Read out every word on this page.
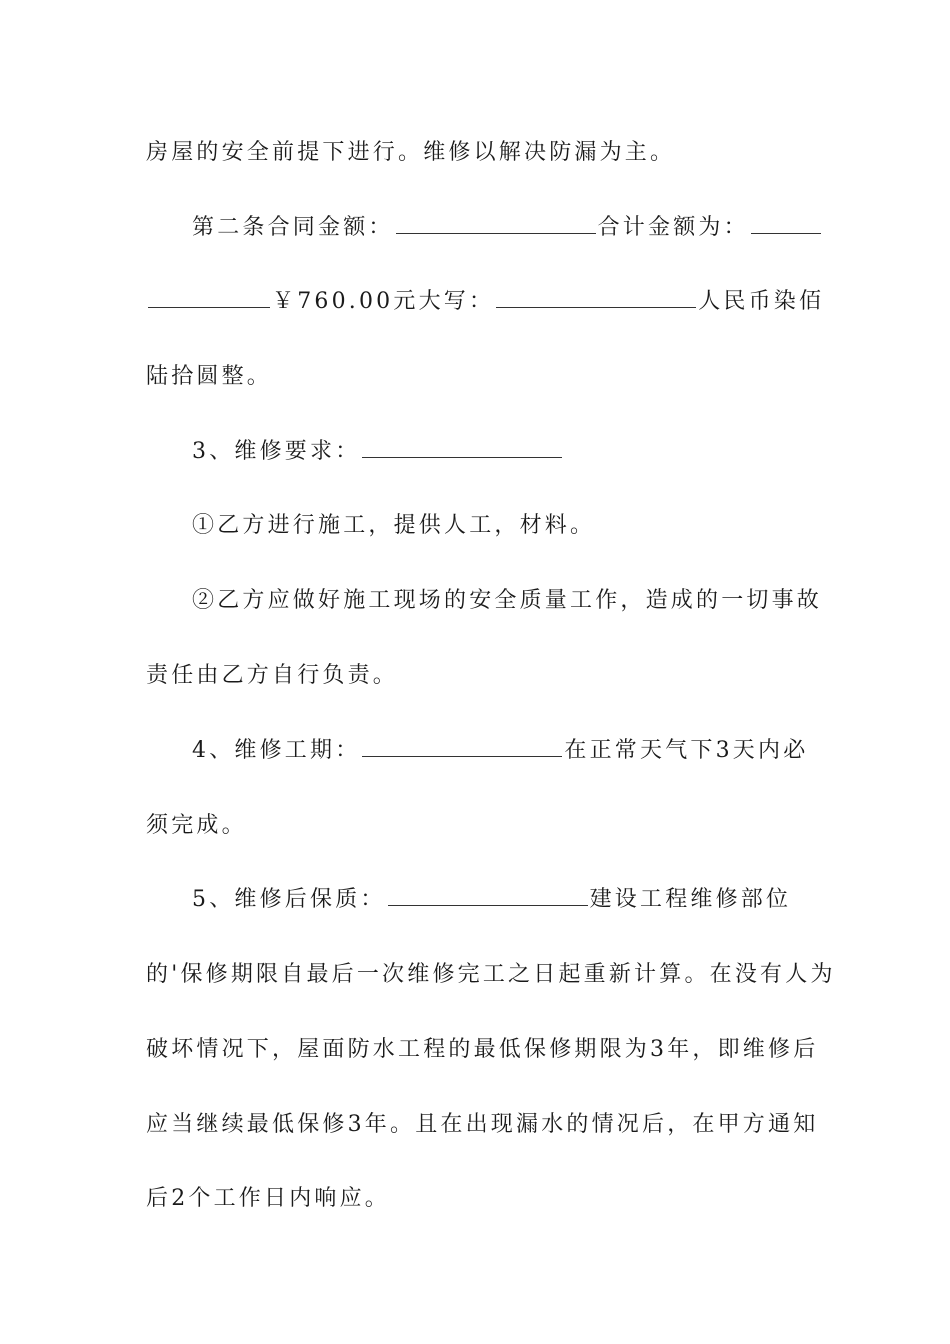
房屋的安全前提下进行。维修以解决防漏为主。
第二条合同金额：	合计金额为：
￥760.00元大写：	人民币染佰
陆拾圆整。
3、维修要求：
①乙方进行施工，提供人工，材料。
②乙方应做好施工现场的安全质量工作，造成的一切事故
责任由乙方自行负责。
4、维修工期：	在正常天气下3天内必
须完成。
5、维修后保质：	建设工程维修部位
的'保修期限自最后一次维修完工之日起重新计算。在没有人为
破坏情况下，屋面防水工程的最低保修期限为3年，即维修后
应当继续最低保修3年。且在出现漏水的情况后，在甲方通知
后2个工作日内响应。
